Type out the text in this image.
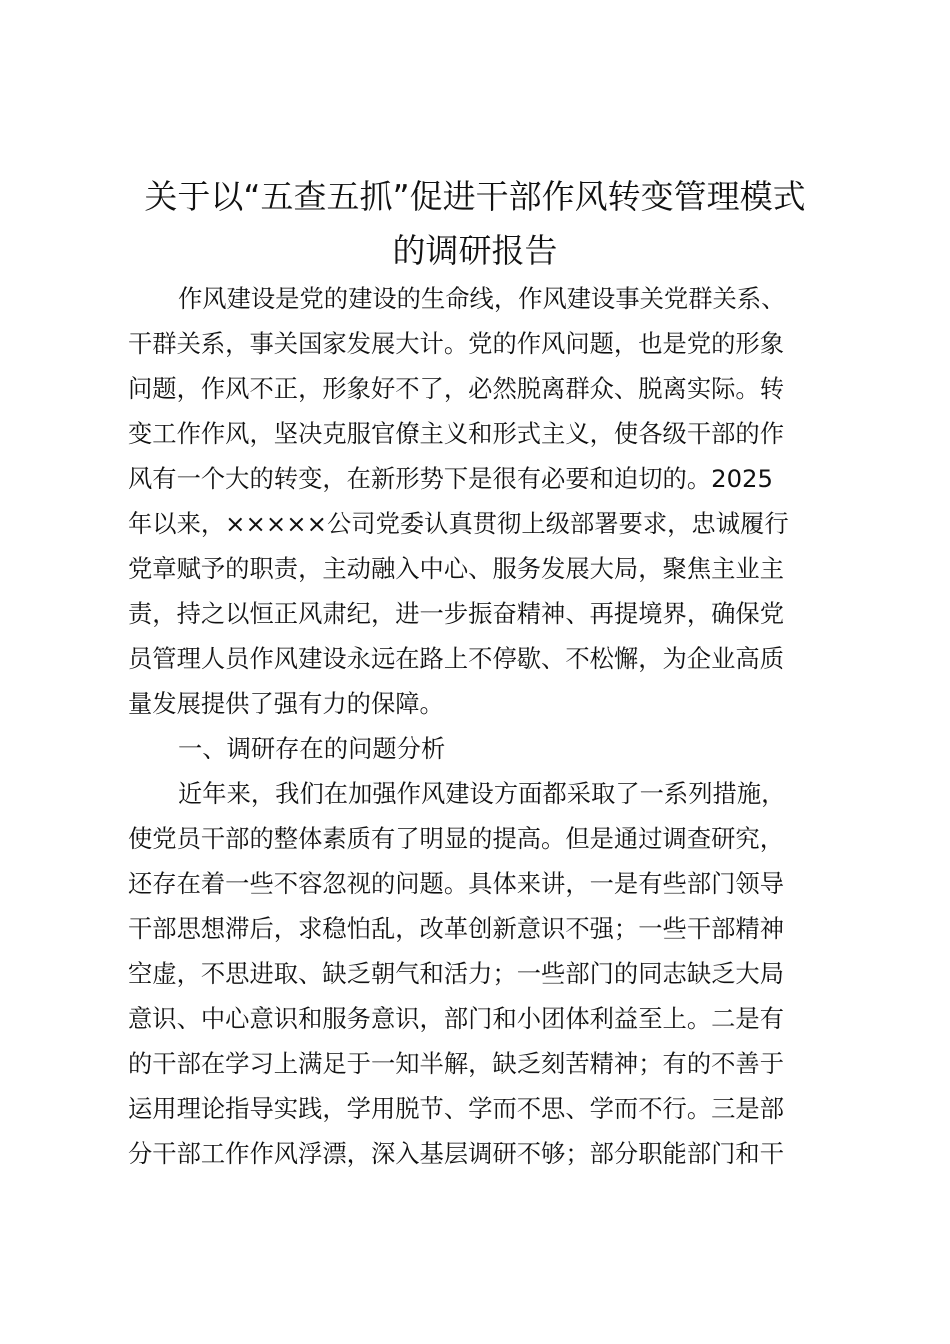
关于以“五查五抓”促进干部作风转变管理模式
的调研报告
作风建设是党的建设的生命线，作风建设事关党群关系、
干群关系，事关国家发展大计。党的作风问题，也是党的形象
问题，作风不正，形象好不了，必然脱离群众、脱离实际。转
变工作作风，坚决克服官僚主义和形式主义，使各级干部的作
风有一个大的转变，在新形势下是很有必要和迫切的。2025
年以来，×××××公司党委认真贯彻上级部署要求，忠诚履行
党章赋予的职责，主动融入中心、服务发展大局，聚焦主业主
责，持之以恒正风肃纪，进一步振奋精神、再提境界，确保党
员管理人员作风建设永远在路上不停歇、不松懈，为企业高质
量发展提供了强有力的保障。
一、调研存在的问题分析
近年来，我们在加强作风建设方面都采取了一系列措施，
使党员干部的整体素质有了明显的提高。但是通过调查研究，
还存在着一些不容忽视的问题。具体来讲，一是有些部门领导
干部思想滞后，求稳怕乱，改革创新意识不强；一些干部精神
空虚，不思进取、缺乏朝气和活力；一些部门的同志缺乏大局
意识、中心意识和服务意识，部门和小团体利益至上。二是有
的干部在学习上满足于一知半解，缺乏刻苦精神；有的不善于
运用理论指导实践，学用脱节、学而不思、学而不行。三是部
分干部工作作风浮漂，深入基层调研不够；部分职能部门和干
